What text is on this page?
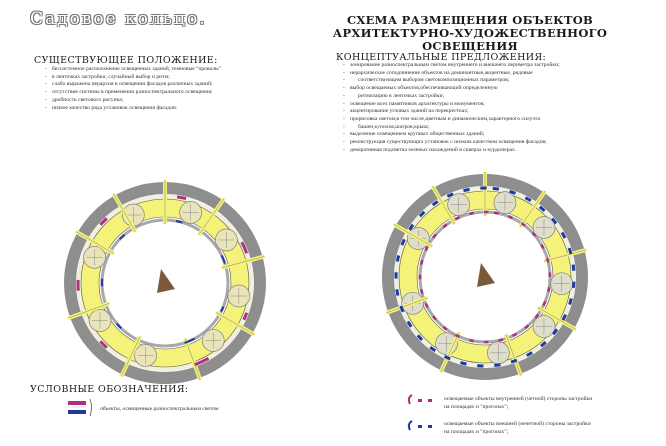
Садовое кольцо.
СУЩЕСТВУЮЩЕЕ ПОЛОЖЕНИЕ:
- бессистемное расположение освещенных зданий, темновые "провалы"
- в ленточках застройки, случайный выбор и ритм;
- слабо выражена иерархия в освещении фасадов различных зданий;
- отсутствие системы в применении разноспектрального освещения;
- дробность светового рисунка;
- низкое качество ряда установок освещения фасадов.
УСЛОВНЫЕ ОБОЗНАЧЕНИЯ:
объекты, освещенные разноспектральным светом
СХЕМА РАЗМЕЩЕНИЯ ОБЪЕКТОВ АРХИТЕКТУРНО-ХУДОЖЕСТВЕННОГО ОСВЕЩЕНИЯ
КОНЦЕПТУАЛЬНЫЕ ПРЕДЛОЖЕНИЯ:
- зонирование разноспектральным светом внутреннего и внешнего периметра застройки;
- иерархическое соподчинение объектов на доминантные,акцентные, рядовые
- соответствующим выбором светокомпозиционных параметров;
- выбор освещаемых объектов,обеспечивающий определенную
- ритмизацию в ленточках застройки;
- освещение всех памятников архитектуры и монументов;
- акцентирование угловых зданий на перекрестках;
- прорисовка светом,в том числе,цветным и динамическим,характерного силуэта
- башен,куполов,шатров,крыш;
- выделение освещением крупных общественных зданий;
- реконструкция существующих установок с низким качеством освещения фасадов;
- декоративная подсветка зеленых насаждений в скверах и курдонерах.
освещаемые объекты внутренней (четной) стороны застройки
на площадях и "прогонах";
освещаемые объекты внешней (нечетной) стороны застройки
на площадях и "прогонах";
